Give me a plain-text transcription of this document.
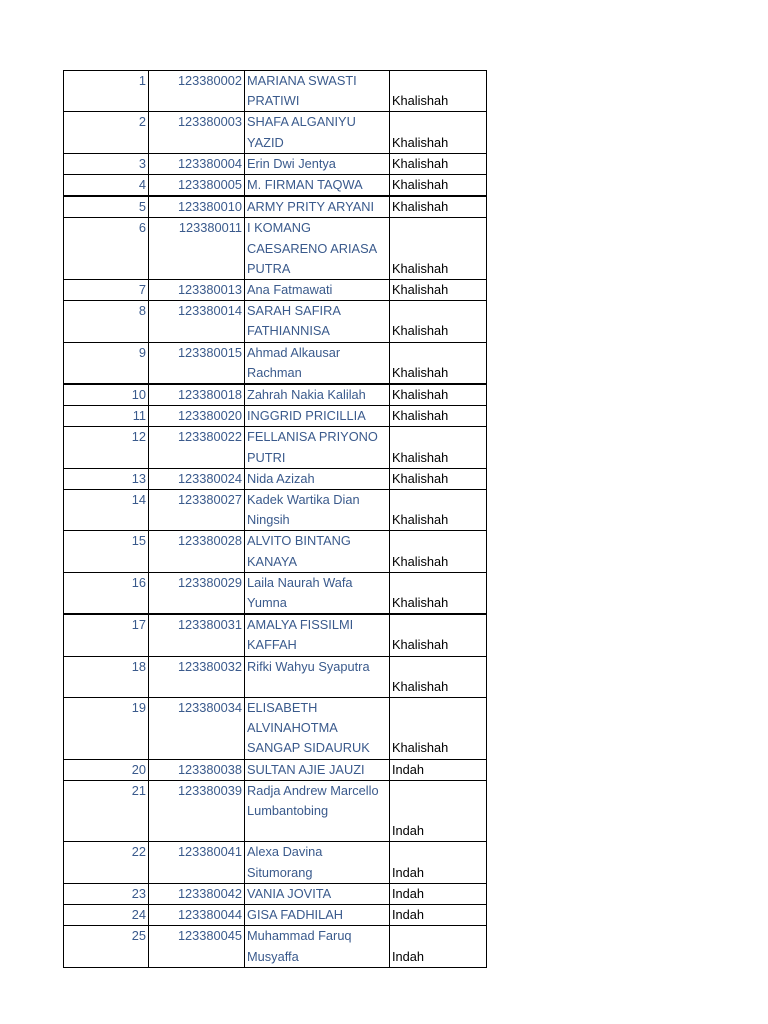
1	123380002	MARIANA SWASTI PRATIWI	Khalishah
2	123380003	SHAFA ALGANIYU YAZID	Khalishah
3	123380004	Erin Dwi Jentya	Khalishah
4	123380005	M. FIRMAN TAQWA	Khalishah
5	123380010	ARMY PRITY ARYANI	Khalishah
6	123380011	I KOMANG CAESARENO ARIASA PUTRA	Khalishah
7	123380013	Ana Fatmawati	Khalishah
8	123380014	SARAH SAFIRA FATHIANNISA	Khalishah
9	123380015	Ahmad Alkausar Rachman	Khalishah
10	123380018	Zahrah Nakia Kalilah	Khalishah
11	123380020	INGGRID PRICILLIA	Khalishah
12	123380022	FELLANISA PRIYONO PUTRI	Khalishah
13	123380024	Nida Azizah	Khalishah
14	123380027	Kadek Wartika Dian Ningsih	Khalishah
15	123380028	ALVITO BINTANG KANAYA	Khalishah
16	123380029	Laila Naurah Wafa Yumna	Khalishah
17	123380031	AMALYA FISSILMI KAFFAH	Khalishah
18	123380032	Rifki Wahyu Syaputra	Khalishah
19	123380034	ELISABETH ALVINAHOTMA SANGAP SIDAURUK	Khalishah
20	123380038	SULTAN AJIE JAUZI	Indah
21	123380039	Radja Andrew Marcello Lumbantobing	Indah
22	123380041	Alexa Davina Situmorang	Indah
23	123380042	VANIA JOVITA	Indah
24	123380044	GISA FADHILAH	Indah
25	123380045	Muhammad Faruq Musyaffa	Indah
